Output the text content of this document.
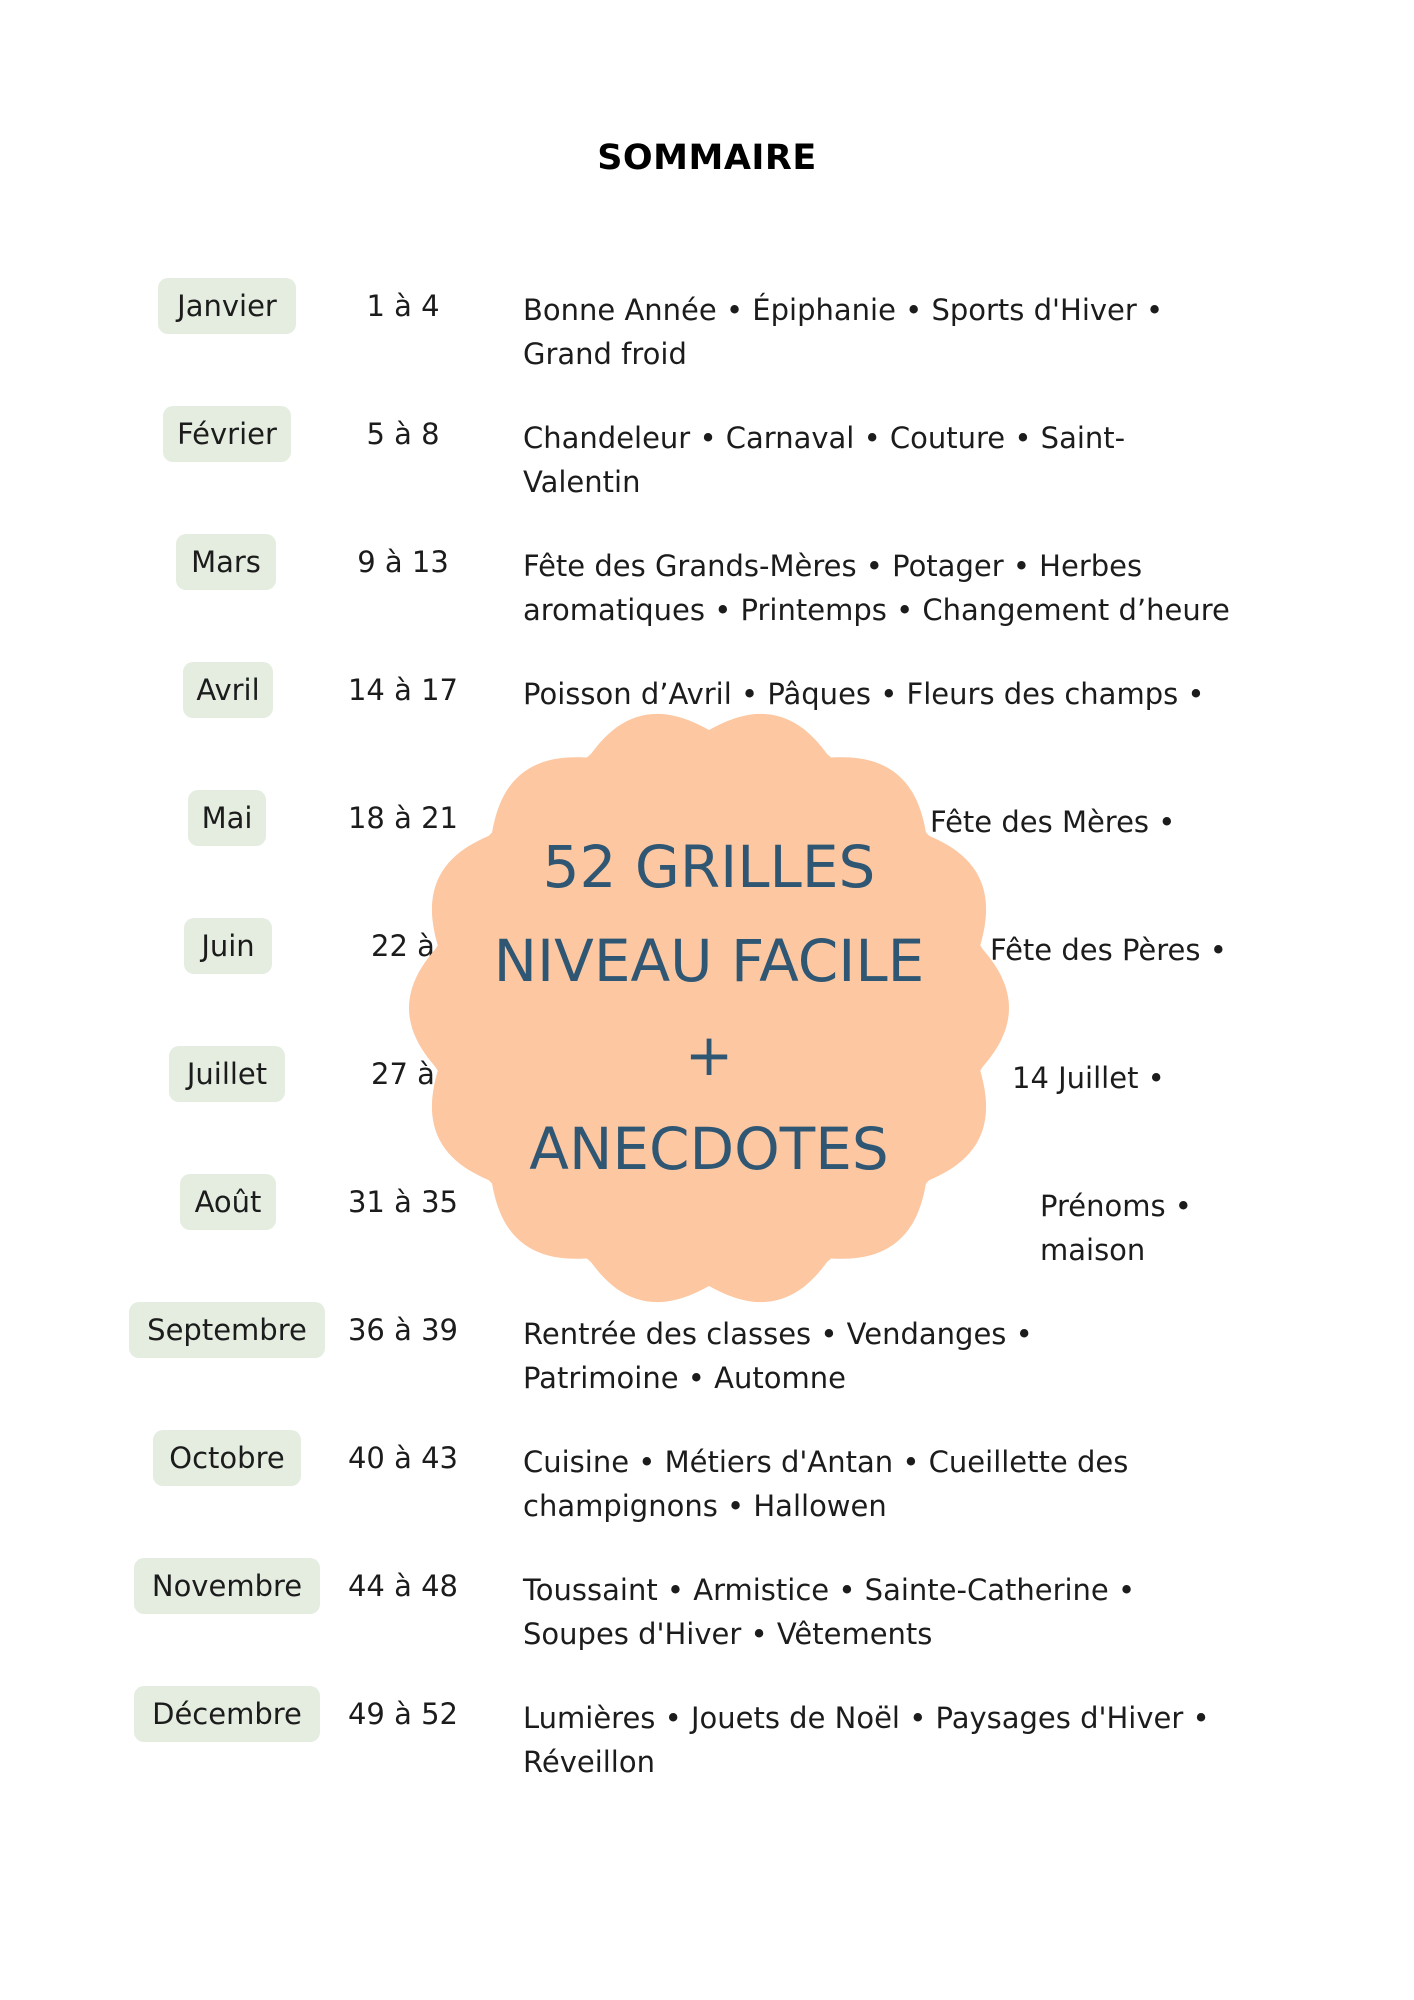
SOMMAIRE
Janvier	1 à 4	Bonne Année • Épiphanie • Sports d'Hiver • Grand froid
Février	5 à 8	Chandeleur • Carnaval • Couture • Saint-Valentin
Mars	9 à 13	Fête des Grands-Mères • Potager • Herbes aromatiques • Printemps • Changement d’heure
Avril	14 à 17	Poisson d’Avril • Pâques • Fleurs des champs •
Mai	18 à 21	Fête des Mères •
Juin	22 à	Fête des Pères •
Juillet	27 à	14 Juillet •
Août	31 à 35	Prénoms • maison
Septembre	36 à 39	Rentrée des classes • Vendanges • Patrimoine • Automne
Octobre	40 à 43	Cuisine • Métiers d'Antan • Cueillette des champignons • Hallowen
Novembre	44 à 48	Toussaint • Armistice • Sainte-Catherine • Soupes d'Hiver • Vêtements
Décembre	49 à 52	Lumières • Jouets de Noël • Paysages d'Hiver • Réveillon
52 GRILLES
NIVEAU FACILE
+
ANECDOTES
